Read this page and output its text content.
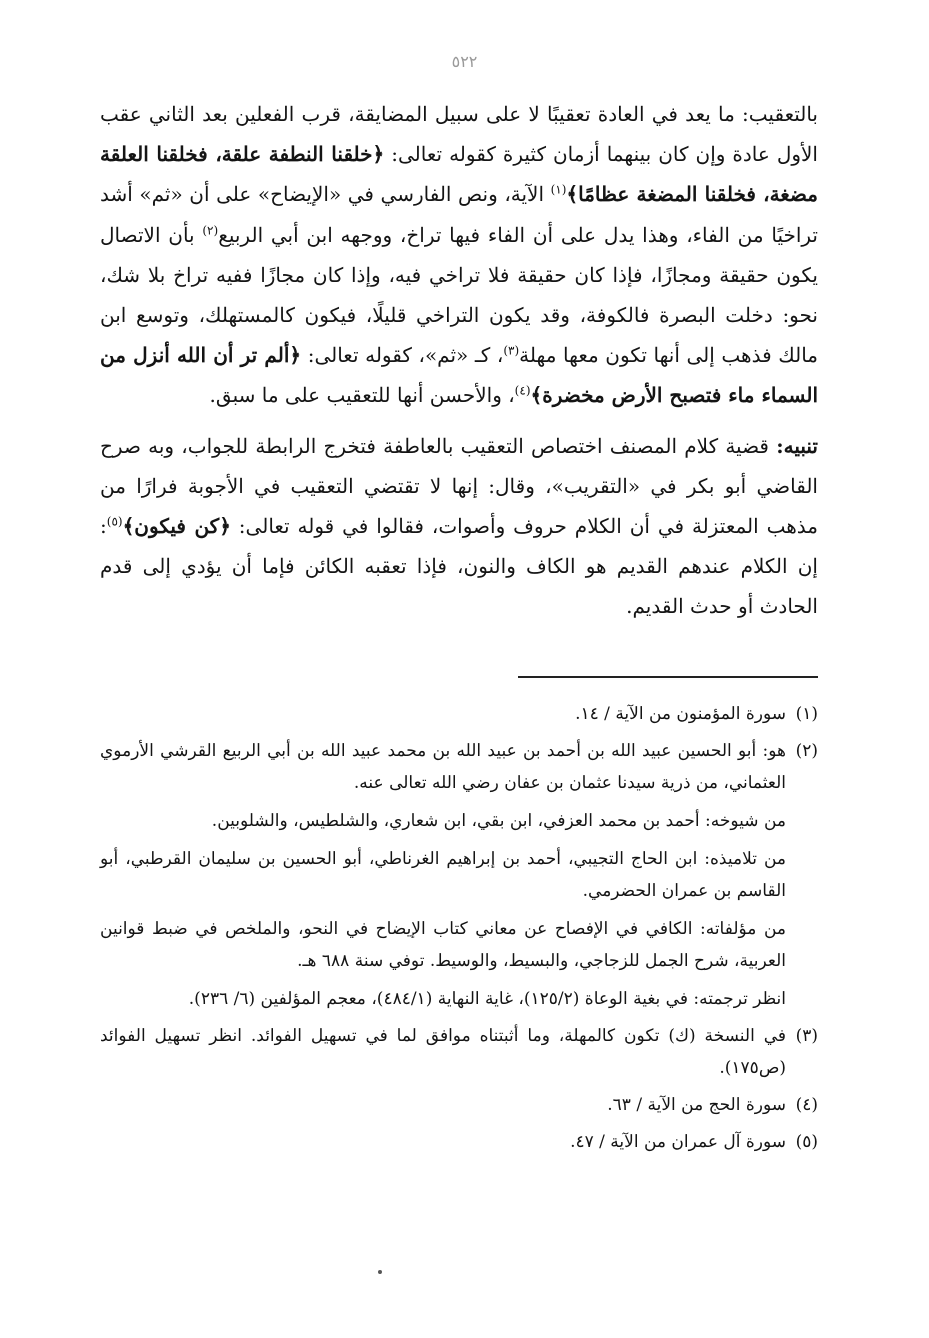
٥٢٢

بالتعقيب: ما يعد في العادة تعقيبًا لا على سبيل المضايقة، قرب الفعلين بعد الثاني عقب الأول عادة وإن كان بينهما أزمان كثيرة كقوله تعالى: ﴿خلقنا النطفة علقة، فخلقنا العلقة مضغة، فخلقنا المضغة عظامًا﴾$^{(١)}$ الآية، ونص الفارسي في «الإيضاح» على أن «ثم» أشد تراخيًا من الفاء، وهذا يدل على أن الفاء فيها تراخ، ووجهه ابن أبي الربيع$^{(٢)}$ بأن الاتصال يكون حقيقة ومجازًا، فإذا كان حقيقة فلا تراخي فيه، وإذا كان مجازًا ففيه تراخ بلا شك، نحو: دخلت البصرة فالكوفة، وقد يكون التراخي قليلًا، فيكون كالمستهلك، وتوسع ابن مالك فذهب إلى أنها تكون معها مهلة$^{(٣)}$، كـ «ثم»، كقوله تعالى: ﴿ألم تر أن الله أنزل من السماء ماء فتصبح الأرض مخضرة﴾$^{(٤)}$، والأحسن أنها للتعقيب على ما سبق.

تنبيه: قضية كلام المصنف اختصاص التعقيب بالعاطفة فتخرج الرابطة للجواب، وبه صرح القاضي أبو بكر في «التقريب»، وقال: إنها لا تقتضي التعقيب في الأجوبة فرارًا من مذهب المعتزلة في أن الكلام حروف وأصوات، فقالوا في قوله تعالى: ﴿كن فيكون﴾$^{(٥)}$: إن الكلام عندهم القديم هو الكاف والنون، فإذا تعقبه الكائن فإما أن يؤدي إلى قدم الحادث أو حدث القديم.

(١)

سورة المؤمنون من الآية / ١٤.

(٢)

هو: أبو الحسين عبيد الله بن أحمد بن عبيد الله بن محمد عبيد الله بن أبي الربيع القرشي الأرموي العثماني، من ذرية سيدنا عثمان بن عفان رضي الله تعالى عنه.

من شيوخه: أحمد بن محمد العزفي، ابن بقي، ابن شعاري، والشلطيس، والشلوبين.

من تلاميذه: ابن الحاج التجيبي، أحمد بن إبراهيم الغرناطي، أبو الحسين بن سليمان القرطبي، أبو القاسم بن عمران الحضرمي.

من مؤلفاته: الكافي في الإفصاح عن معاني كتاب الإيضاح في النحو، والملخص في ضبط قوانين العربية، شرح الجمل للزجاجي، والبسيط، والوسيط. توفي سنة ٦٨٨ هـ.

انظر ترجمته: في بغية الوعاة (١٢٥/٢)، غاية النهاية (٤٨٤/١)، معجم المؤلفين (٦/ ٢٣٦).

(٣)

في النسخة (ك) تكون كالمهلة، وما أثبتناه موافق لما في تسهيل الفوائد. انظر تسهيل الفوائد (ص١٧٥).

(٤)

سورة الحج من الآية / ٦٣.

(٥)

سورة آل عمران من الآية / ٤٧.
